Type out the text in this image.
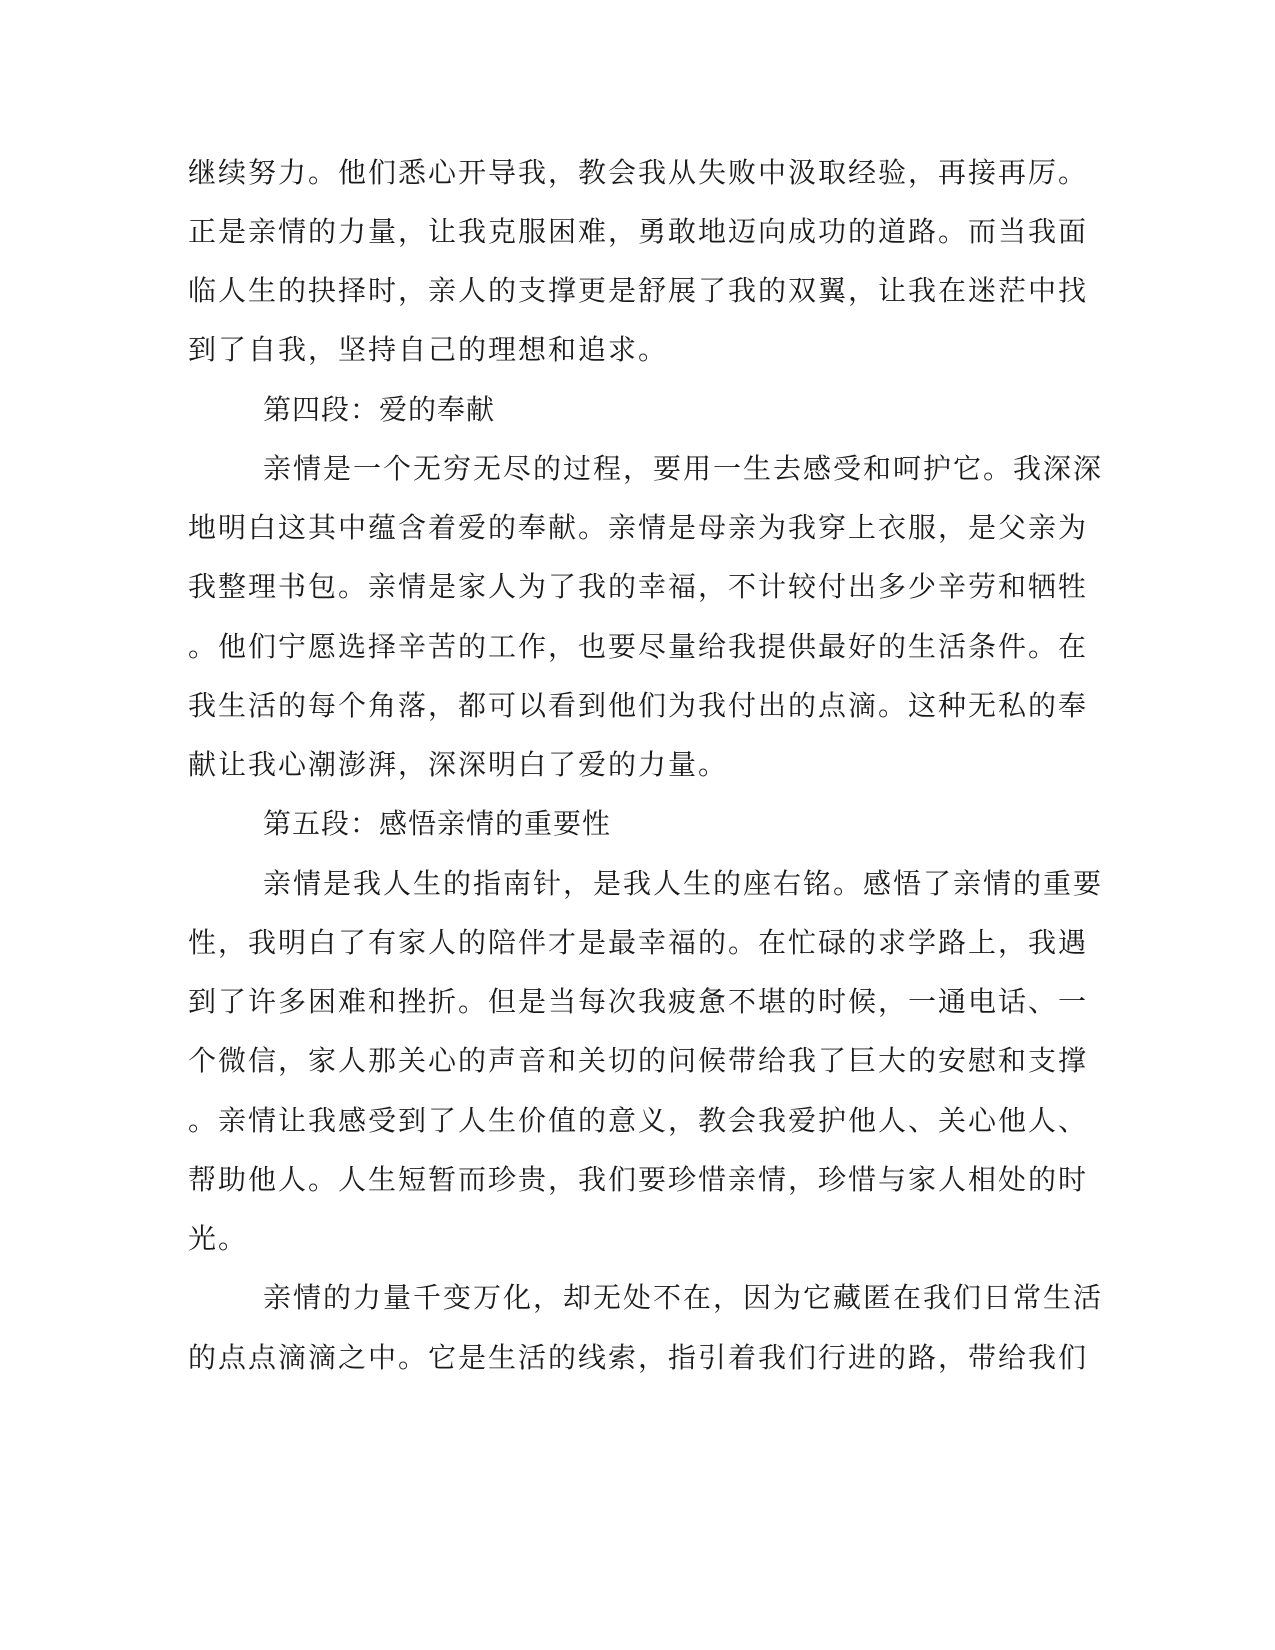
继续努力。他们悉心开导我，教会我从失败中汲取经验，再接再厉。
正是亲情的力量，让我克服困难，勇敢地迈向成功的道路。而当我面
临人生的抉择时，亲人的支撑更是舒展了我的双翼，让我在迷茫中找
到了自我，坚持自己的理想和追求。
第四段：爱的奉献
亲情是一个无穷无尽的过程，要用一生去感受和呵护它。我深深
地明白这其中蕴含着爱的奉献。亲情是母亲为我穿上衣服，是父亲为
我整理书包。亲情是家人为了我的幸福，不计较付出多少辛劳和牺牲
。他们宁愿选择辛苦的工作，也要尽量给我提供最好的生活条件。在
我生活的每个角落，都可以看到他们为我付出的点滴。这种无私的奉
献让我心潮澎湃，深深明白了爱的力量。
第五段：感悟亲情的重要性
亲情是我人生的指南针，是我人生的座右铭。感悟了亲情的重要
性，我明白了有家人的陪伴才是最幸福的。在忙碌的求学路上，我遇
到了许多困难和挫折。但是当每次我疲惫不堪的时候，一通电话、一
个微信，家人那关心的声音和关切的问候带给我了巨大的安慰和支撑
。亲情让我感受到了人生价值的意义，教会我爱护他人、关心他人、
帮助他人。人生短暂而珍贵，我们要珍惜亲情，珍惜与家人相处的时
光。
亲情的力量千变万化，却无处不在，因为它藏匿在我们日常生活
的点点滴滴之中。它是生活的线索，指引着我们行进的路，带给我们
